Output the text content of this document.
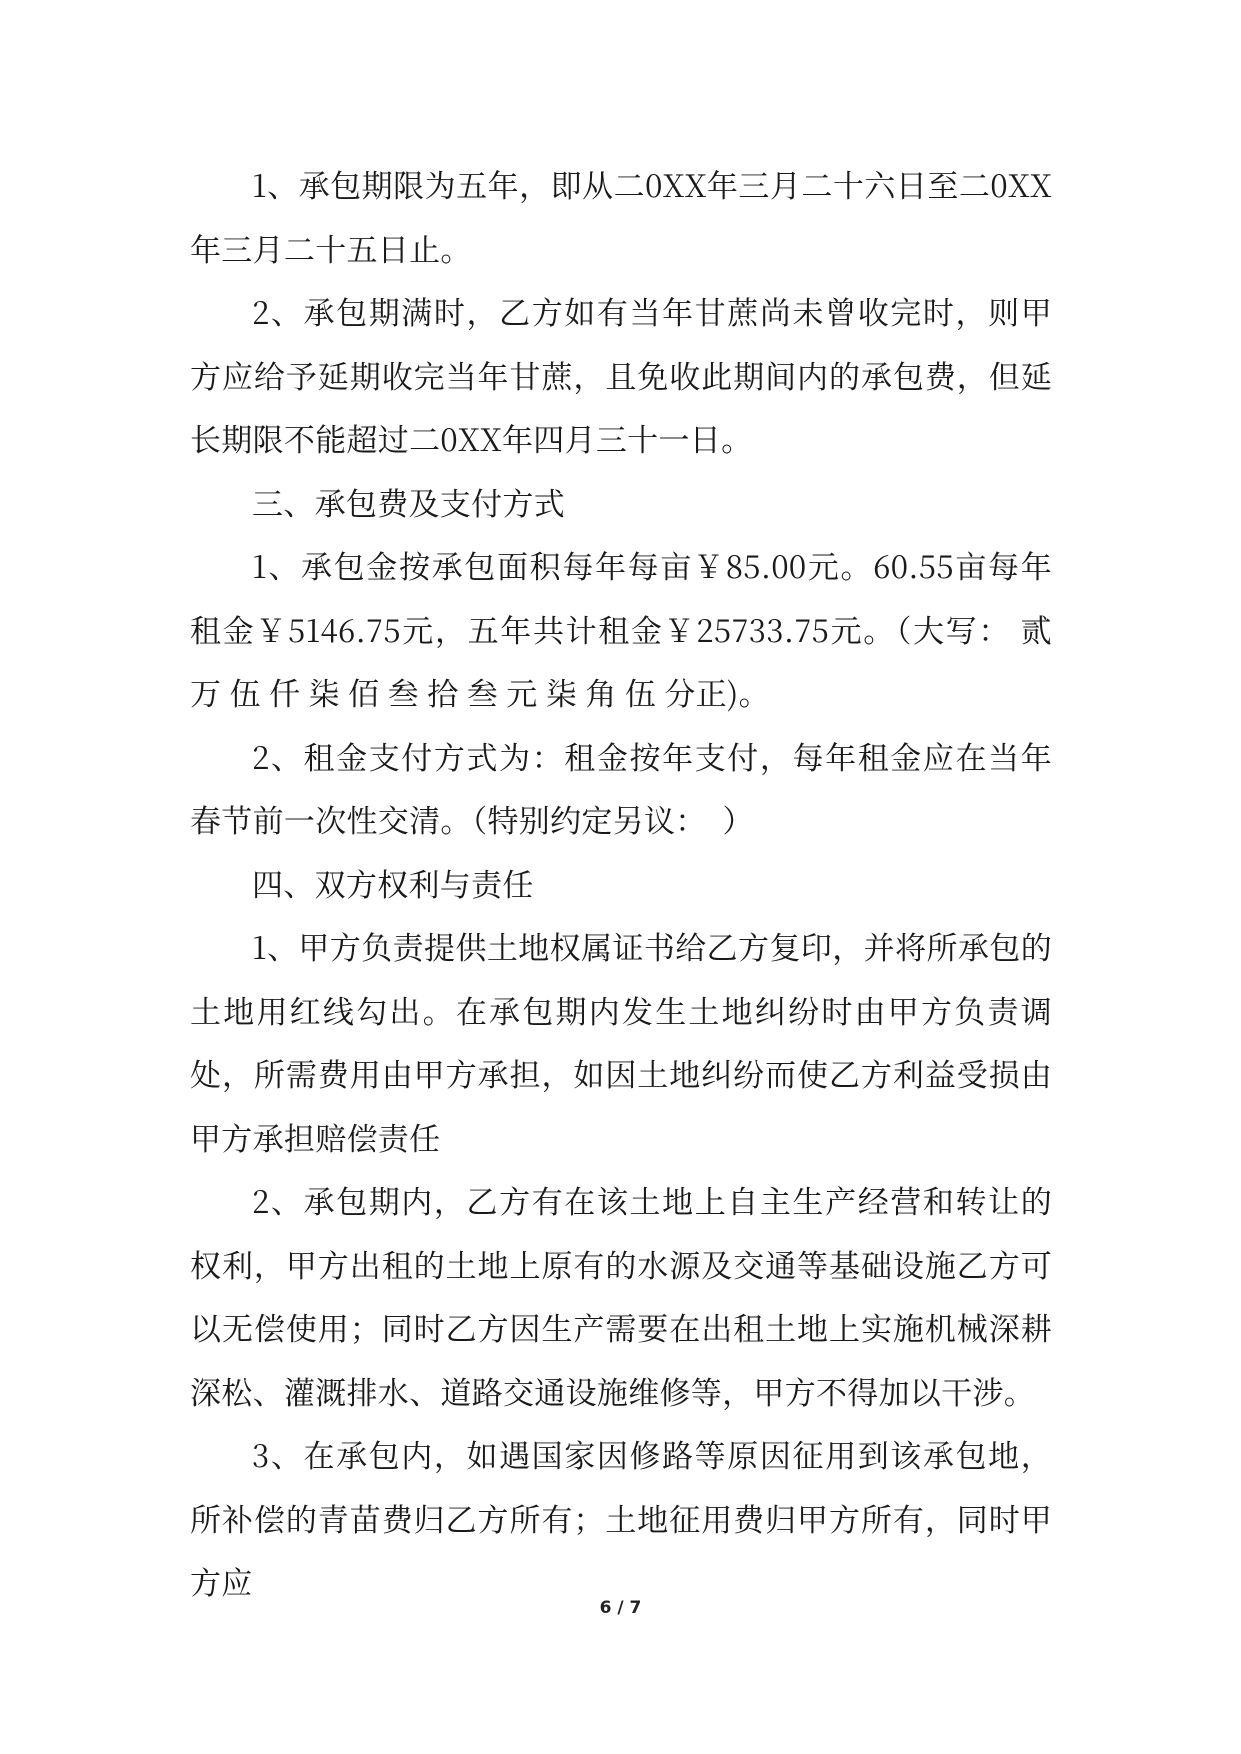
1、承包期限为五年，即从二0XX年三月二十六日至二0XX年三月二十五日止。

2、承包期满时，乙方如有当年甘蔗尚未曾收完时，则甲方应给予延期收完当年甘蔗，且免收此期间内的承包费，但延长期限不能超过二0XX年四月三十一日。

三、承包费及支付方式

1、承包金按承包面积每年每亩￥85.00元。60.55亩每年租金￥5146.75元，五年共计租金￥25733.75元。（大写： 贰 万 伍 仟 柒 佰 叁 拾 叁 元 柒 角 伍 分正)。

2、租金支付方式为：租金按年支付，每年租金应在当年春节前一次性交清。（特别约定另议：　）

四、双方权利与责任

1、甲方负责提供土地权属证书给乙方复印，并将所承包的土地用红线勾出。在承包期内发生土地纠纷时由甲方负责调处，所需费用由甲方承担，如因土地纠纷而使乙方利益受损由甲方承担赔偿责任

2、承包期内，乙方有在该土地上自主生产经营和转让的权利，甲方出租的土地上原有的水源及交通等基础设施乙方可以无偿使用；同时乙方因生产需要在出租土地上实施机械深耕深松、灌溉排水、道路交通设施维修等，甲方不得加以干涉。

3、在承包内，如遇国家因修路等原因征用到该承包地，所补偿的青苗费归乙方所有；土地征用费归甲方所有，同时甲方应

6 / 7
